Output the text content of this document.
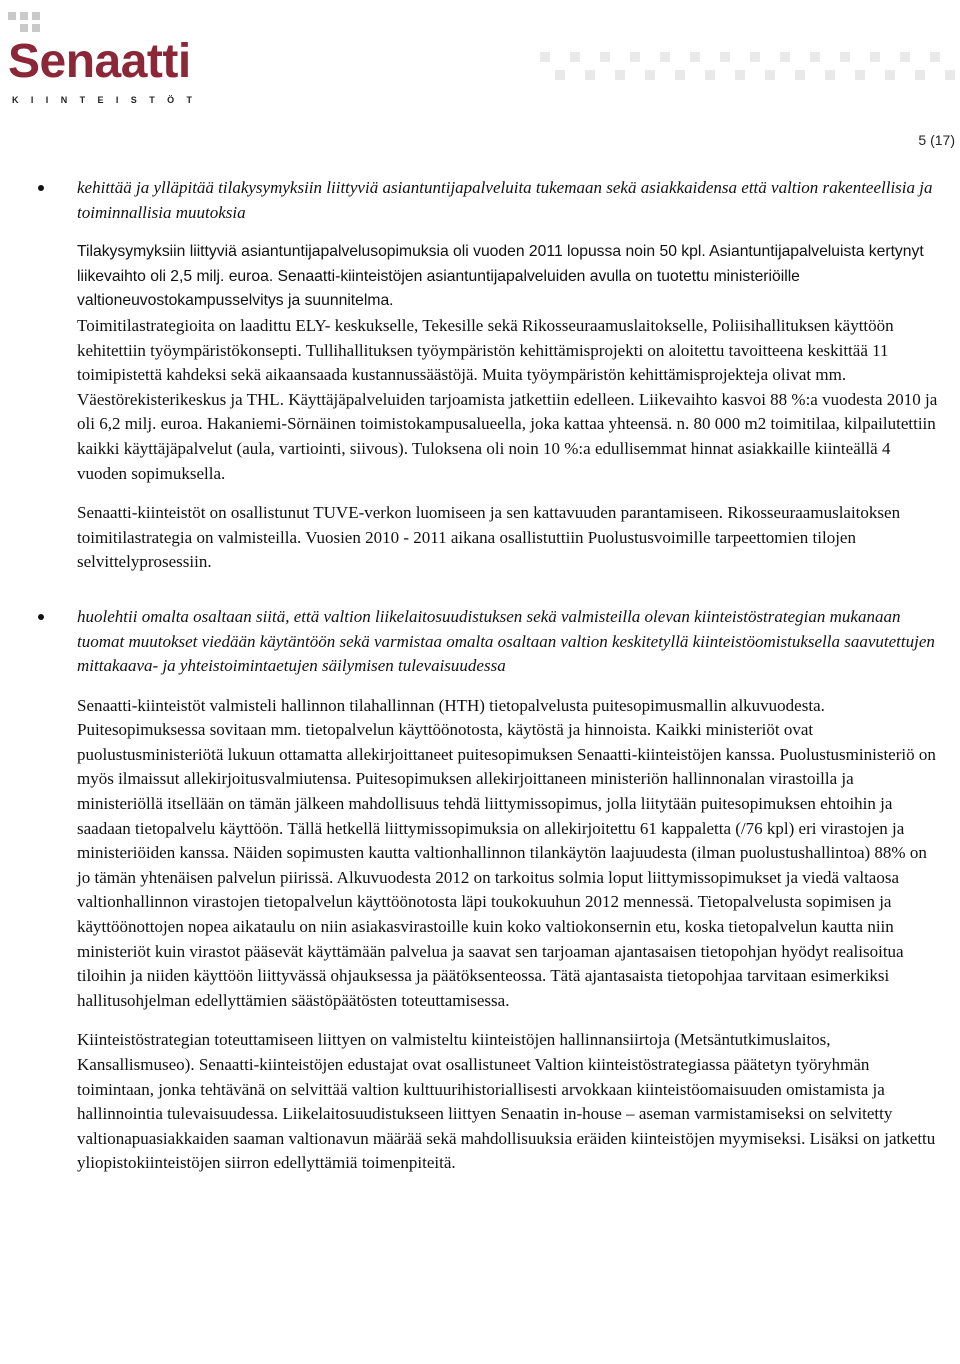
Senaatti

KIINTEISTÖT

5 (17)

kehittää ja ylläpitää tilakysymyksiin liittyviä asiantuntijapalveluita tukemaan sekä asiakkaidensa että valtion rakenteellisia ja toiminnallisia muutoksia

Tilakysymyksiin liittyviä asiantuntijapalvelusopimuksia oli vuoden 2011 lopussa noin 50 kpl. Asiantuntijapalveluista kertynyt liikevaihto oli 2,5 milj. euroa. Senaatti-kiinteistöjen asiantuntijapalveluiden avulla on tuotettu ministeriöille valtioneuvostokampusselvitys ja suunnitelma.

Toimitilastrategioita on laadittu ELY- keskukselle, Tekesille sekä Rikosseuraamuslaitokselle, Poliisihallituksen käyttöön kehitettiin työympäristökonsepti. Tullihallituksen työympäristön kehittämisprojekti on aloitettu tavoitteena keskittää 11 toimipistettä kahdeksi sekä aikaansaada kustannussäästöjä. Muita työympäristön kehittämisprojekteja olivat mm. Väestörekisterikeskus ja THL. Käyttäjäpalveluiden tarjoamista jatkettiin edelleen. Liikevaihto kasvoi 88 %:a vuodesta 2010 ja oli 6,2 milj. euroa. Hakaniemi-Sörnäinen toimistokampusalueella, joka kattaa yhteensä. n. 80 000 m2 toimitilaa, kilpailutettiin kaikki käyttäjäpalvelut (aula, vartiointi, siivous). Tuloksena oli noin 10 %:a edullisemmat hinnat asiakkaille kiinteällä 4 vuoden sopimuksella.

Senaatti-kiinteistöt on osallistunut TUVE-verkon luomiseen ja sen kattavuuden parantamiseen. Rikosseuraamuslaitoksen toimitilastrategia on valmisteilla. Vuosien 2010 - 2011 aikana osallistuttiin Puolustusvoimille tarpeettomien tilojen selvittelyprosessiin.

huolehtii omalta osaltaan siitä, että valtion liikelaitosuudistuksen sekä valmisteilla olevan kiinteistöstrategian mukanaan tuomat muutokset viedään käytäntöön sekä varmistaa omalta osaltaan valtion keskitetyllä kiinteistöomistuksella saavutettujen mittakaava- ja yhteistoimintaetujen säilymisen tulevaisuudessa

Senaatti-kiinteistöt valmisteli hallinnon tilahallinnan (HTH) tietopalvelusta puitesopimusmallin alkuvuodesta. Puitesopimuksessa sovitaan mm. tietopalvelun käyttöönotosta, käytöstä ja hinnoista. Kaikki ministeriöt ovat puolustusministeriötä lukuun ottamatta allekirjoittaneet puitesopimuksen Senaatti-kiinteistöjen kanssa. Puolustusministeriö on myös ilmaissut allekirjoitusvalmiutensa. Puitesopimuksen allekirjoittaneen ministeriön hallinnonalan virastoilla ja ministeriöllä itsellään on tämän jälkeen mahdollisuus tehdä liittymissopimus, jolla liitytään puitesopimuksen ehtoihin ja saadaan tietopalvelu käyttöön. Tällä hetkellä liittymissopimuksia on allekirjoitettu 61 kappaletta (/76 kpl) eri virastojen ja ministeriöiden kanssa. Näiden sopimusten kautta valtionhallinnon tilankäytön laajuudesta (ilman puolustushallintoa) 88% on jo tämän yhtenäisen palvelun piirissä. Alkuvuodesta 2012 on tarkoitus solmia loput liittymissopimukset ja viedä valtaosa valtionhallinnon virastojen tietopalvelun käyttöönotosta läpi toukokuuhun 2012 mennessä. Tietopalvelusta sopimisen ja käyttöönottojen nopea aikataulu on niin asiakasvirastoille kuin koko valtiokonsernin etu, koska tietopalvelun kautta niin ministeriöt kuin virastot pääsevät käyttämään palvelua ja saavat sen tarjoaman ajantasaisen tietopohjan hyödyt realisoitua tiloihin ja niiden käyttöön liittyvässä ohjauksessa ja päätöksenteossa. Tätä ajantasaista tietopohjaa tarvitaan esimerkiksi hallitusohjelman edellyttämien säästöpäätösten toteuttamisessa.

Kiinteistöstrategian toteuttamiseen liittyen on valmisteltu kiinteistöjen hallinnansiirtoja (Metsäntutkimuslaitos, Kansallismuseo). Senaatti-kiinteistöjen edustajat ovat osallistuneet Valtion kiinteistöstrategiassa päätetyn työryhmän toimintaan, jonka tehtävänä on selvittää valtion kulttuurihistoriallisesti arvokkaan kiinteistöomaisuuden omistamista ja hallinnointia tulevaisuudessa. Liikelaitosuudistukseen liittyen Senaatin in-house – aseman varmistamiseksi on selvitetty valtionapuasiakkaiden saaman valtionavun määrää sekä mahdollisuuksia eräiden kiinteistöjen myymiseksi. Lisäksi on jatkettu yliopistokiinteistöjen siirron edellyttämiä toimenpiteitä.
